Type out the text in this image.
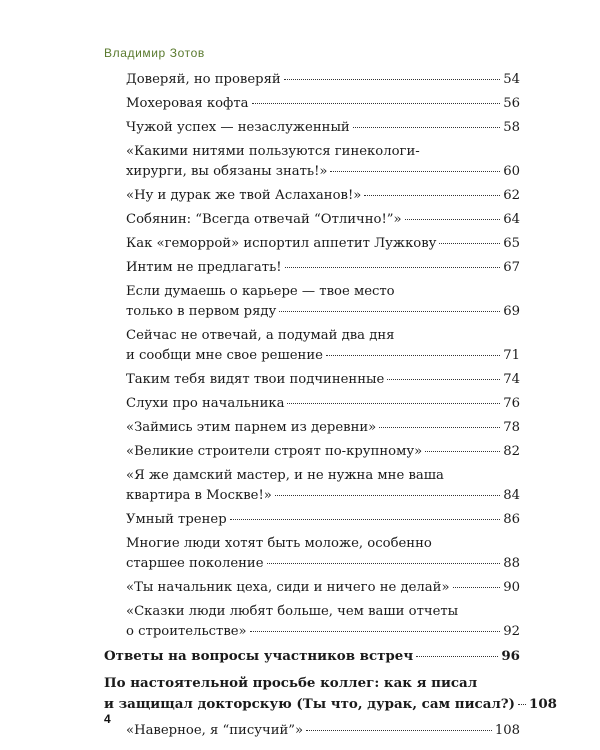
Владимир Зотов
Доверяй, но проверяй	54
Мохеровая кофта	56
Чужой успех — незаслуженный	58
«Какими нитями пользуются гинекологи-
хирурги, вы обязаны знать!»	60
«Ну и дурак же твой Аслаханов!»	62
Собянин: “Всегда отвечай “Отлично!”»	64
Как «геморрой» испортил аппетит Лужкову	65
Интим не предлагать!	67
Если думаешь о карьере — твое место
только в первом ряду	69
Сейчас не отвечай, а подумай два дня
и сообщи мне свое решение	71
Таким тебя видят твои подчиненные	74
Слухи про начальника	76
«Займись этим парнем из деревни»	78
«Великие строители строят по-крупному»	82
«Я же дамский мастер, и не нужна мне ваша
квартира в Москве!»	84
Умный тренер	86
Многие люди хотят быть моложе, особенно
старшее поколение	88
«Ты начальник цеха, сиди и ничего не делай»	90
«Сказки люди любят больше, чем ваши отчеты
о строительстве»	92
Ответы на вопросы участников встреч	96
По настоятельной просьбе коллег: как я писал
и защищал докторскую (Ты что, дурак, сам писал?) 108
«Наверное, я “писучий”»	108
4
